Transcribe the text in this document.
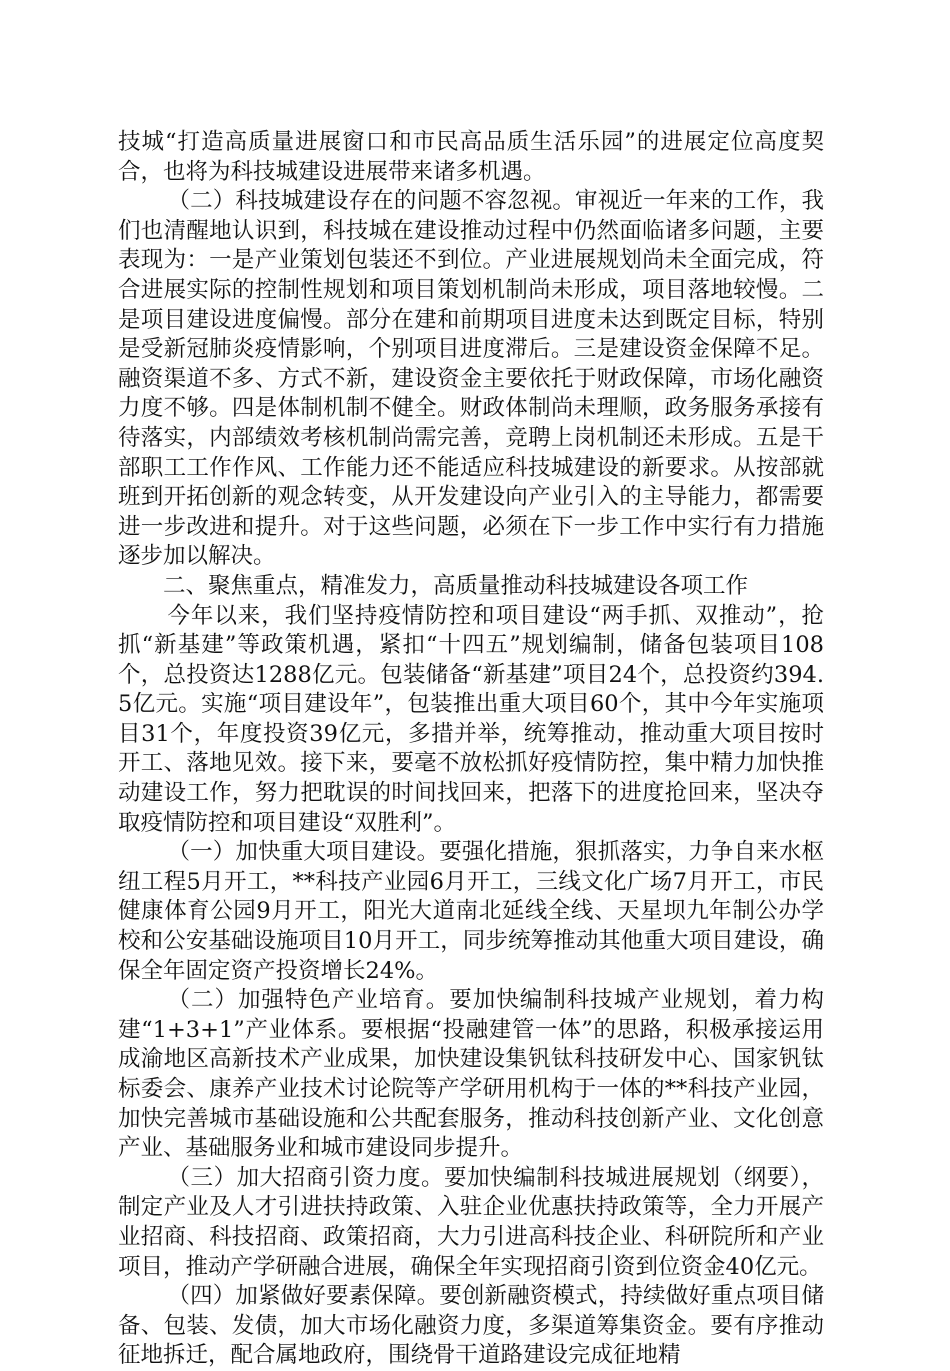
技城“打造高质量进展窗口和市民高品质生活乐园”的进展定位高度契合，也将为科技城建设进展带来诸多机遇。

（二）科技城建设存在的问题不容忽视。审视近一年来的工作，我们也清醒地认识到，科技城在建设推动过程中仍然面临诸多问题，主要表现为：一是产业策划包装还不到位。产业进展规划尚未全面完成，符合进展实际的控制性规划和项目策划机制尚未形成，项目落地较慢。二是项目建设进度偏慢。部分在建和前期项目进度未达到既定目标，特别是受新冠肺炎疫情影响，个别项目进度滞后。三是建设资金保障不足。融资渠道不多、方式不新，建设资金主要依托于财政保障，市场化融资力度不够。四是体制机制不健全。财政体制尚未理顺，政务服务承接有待落实，内部绩效考核机制尚需完善，竞聘上岗机制还未形成。五是干部职工工作作风、工作能力还不能适应科技城建设的新要求。从按部就班到开拓创新的观念转变，从开发建设向产业引入的主导能力，都需要进一步改进和提升。对于这些问题，必须在下一步工作中实行有力措施逐步加以解决。

二、聚焦重点，精准发力，高质量推动科技城建设各项工作

今年以来，我们坚持疫情防控和项目建设“两手抓、双推动”，抢抓“新基建”等政策机遇，紧扣“十四五”规划编制，储备包装项目108个，总投资达1288亿元。包装储备“新基建”项目24个，总投资约394.5亿元。实施“项目建设年”，包装推出重大项目60个，其中今年实施项目31个，年度投资39亿元，多措并举，统筹推动，推动重大项目按时开工、落地见效。接下来，要毫不放松抓好疫情防控，集中精力加快推动建设工作，努力把耽误的时间找回来，把落下的进度抢回来，坚决夺取疫情防控和项目建设“双胜利”。

（一）加快重大项目建设。要强化措施，狠抓落实，力争自来水枢纽工程5月开工，**科技产业园6月开工，三线文化广场7月开工，市民健康体育公园9月开工，阳光大道南北延线全线、天星坝九年制公办学校和公安基础设施项目10月开工，同步统筹推动其他重大项目建设，确保全年固定资产投资增长24%。

（二）加强特色产业培育。要加快编制科技城产业规划，着力构建“1+3+1”产业体系。要根据“投融建管一体”的思路，积极承接运用成渝地区高新技术产业成果，加快建设集钒钛科技研发中心、国家钒钛标委会、康养产业技术讨论院等产学研用机构于一体的**科技产业园，加快完善城市基础设施和公共配套服务，推动科技创新产业、文化创意产业、基础服务业和城市建设同步提升。

（三）加大招商引资力度。要加快编制科技城进展规划（纲要），制定产业及人才引进扶持政策、入驻企业优惠扶持政策等，全力开展产业招商、科技招商、政策招商，大力引进高科技企业、科研院所和产业项目，推动产学研融合进展，确保全年实现招商引资到位资金40亿元。

（四）加紧做好要素保障。要创新融资模式，持续做好重点项目储备、包装、发债，加大市场化融资力度，多渠道筹集资金。要有序推动征地拆迁，配合属地政府，围绕骨干道路建设完成征地精
